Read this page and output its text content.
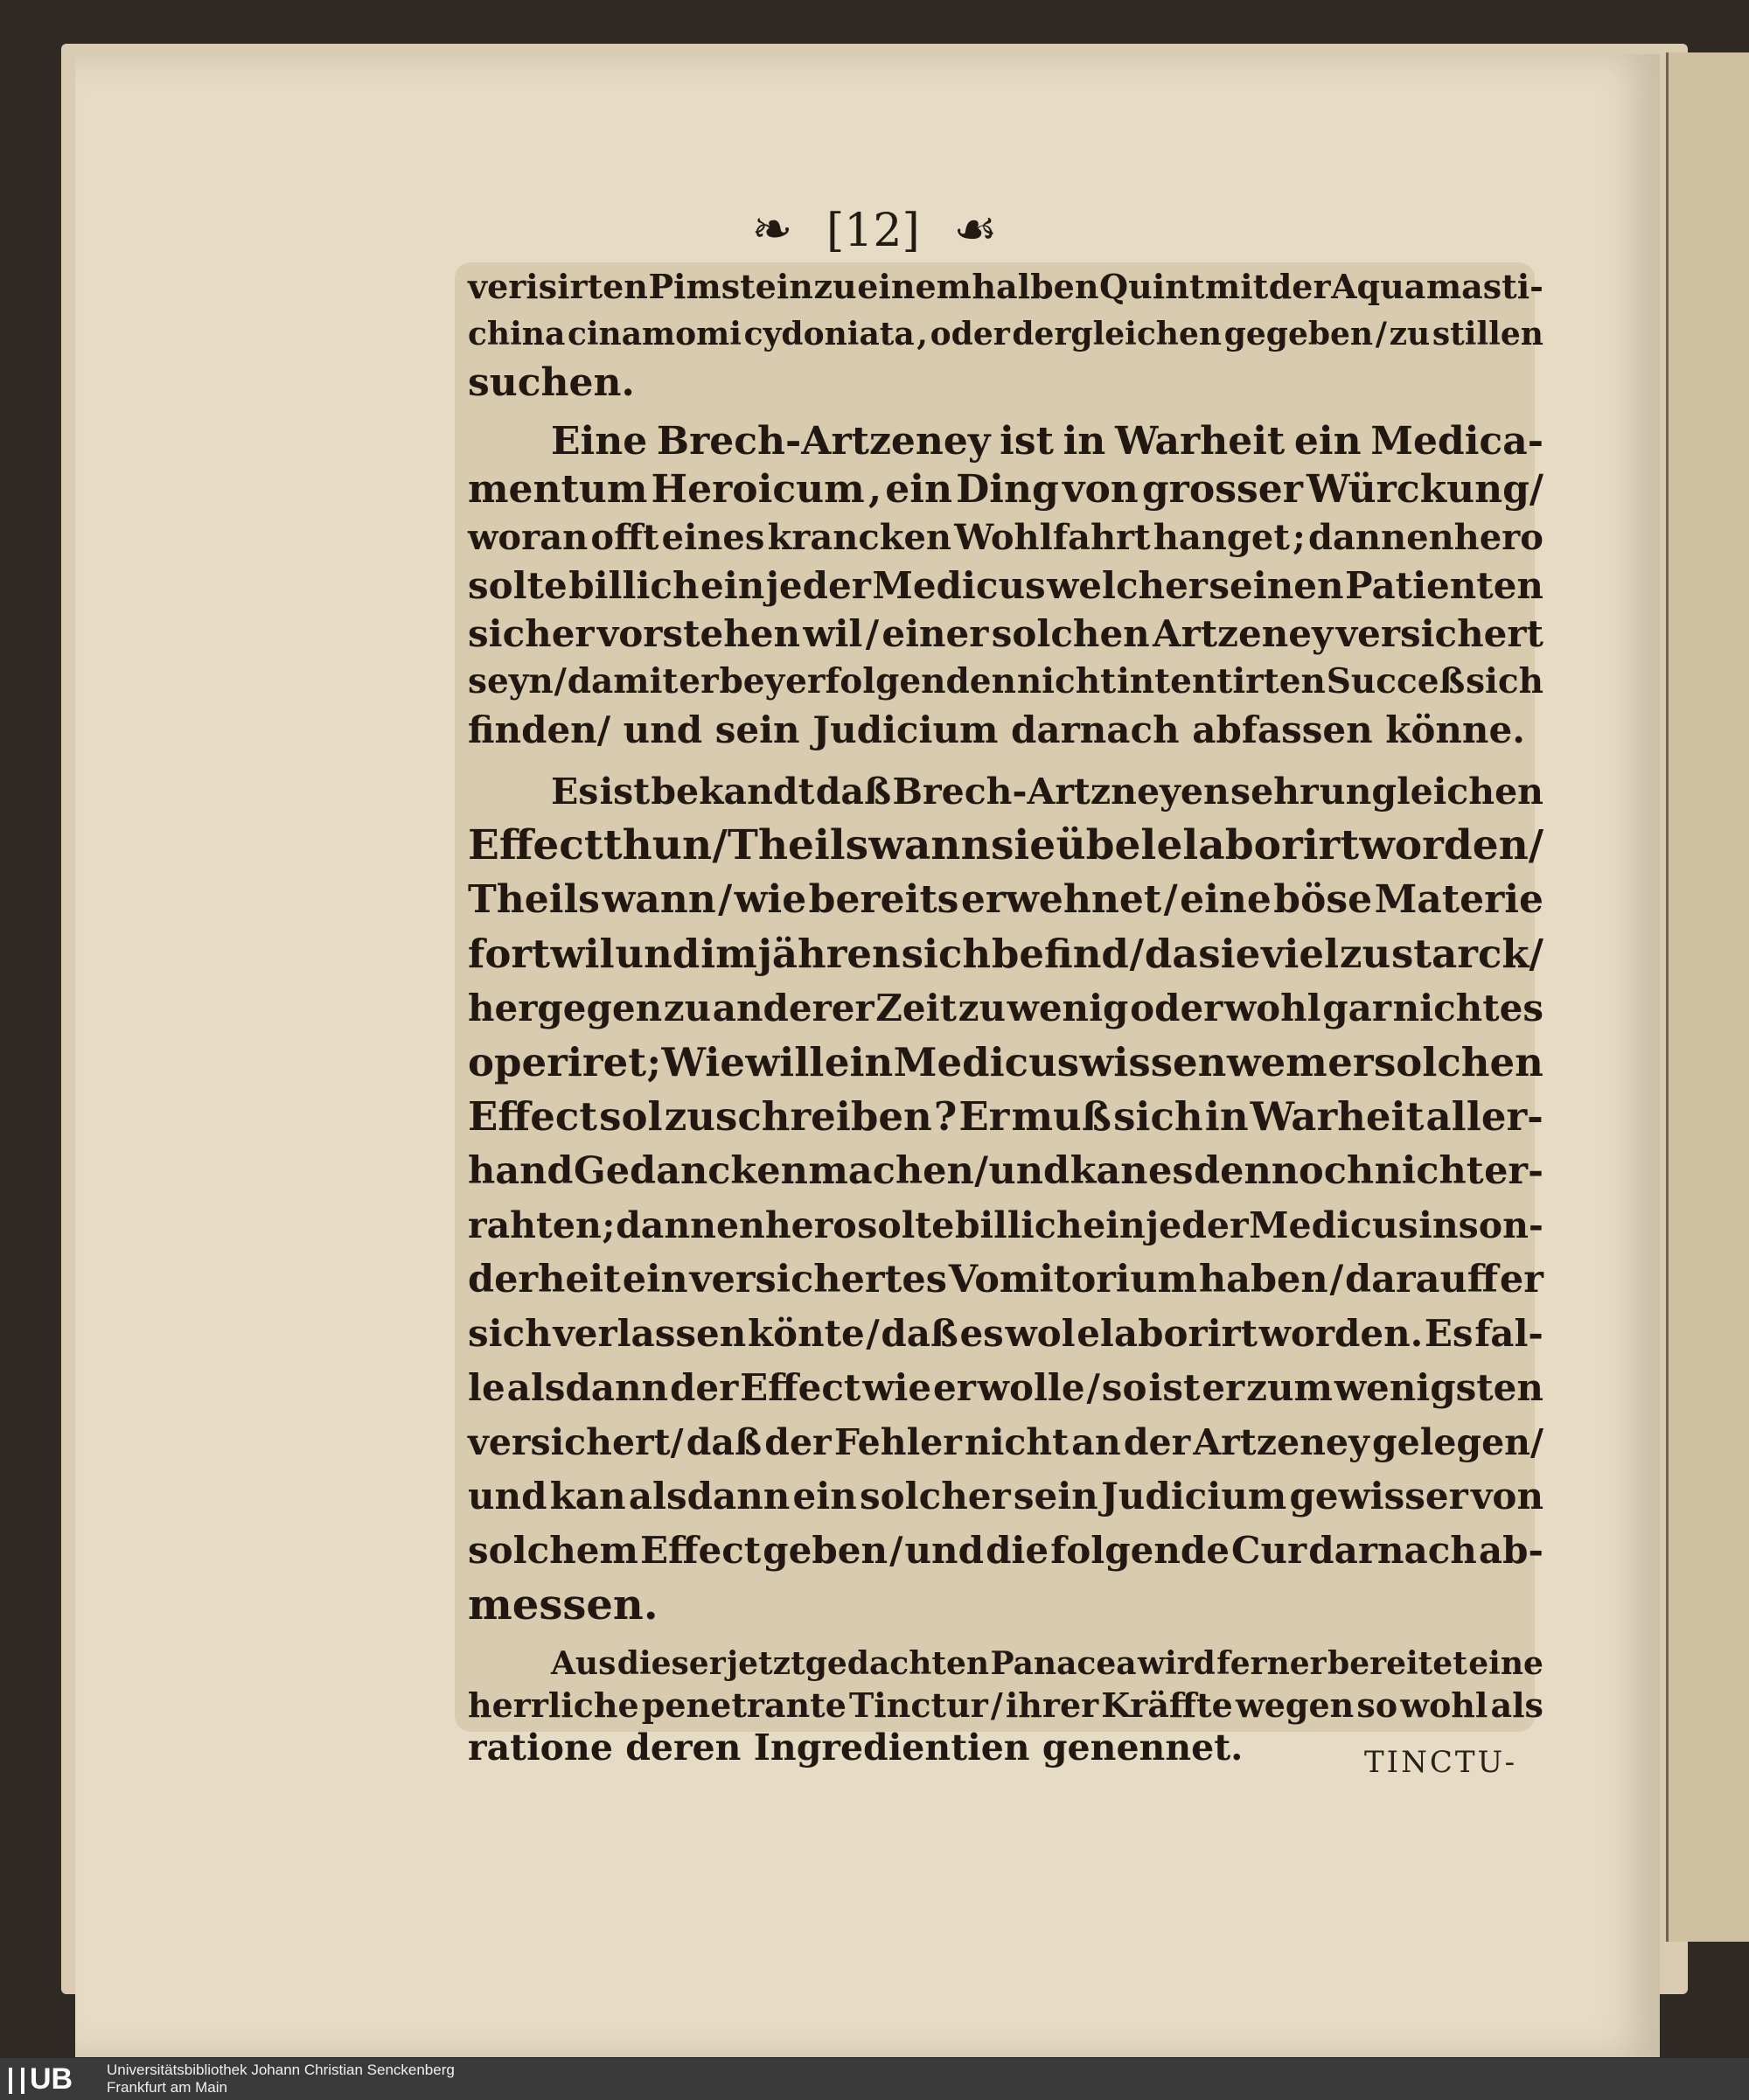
❧ [12] ☙
verisirten Pimstein zu einem halben Quint mit der Aqua masti-
china cinamomi cydoniata , oder dergleichen gegeben / zu stillen
suchen.
Eine Brech-Artzeney ist in Warheit ein Medica-
mentum Heroicum , ein Ding von grosser Würckung/
woran offt eines krancken Wohlfahrt hanget ; dannenhero
solte billich ein jeder Medicus welcher seinen Patienten
sicher vorstehen wil / einer solchen Artzeney versichert
seyn / damit er bey erfolgenden nicht intentirten Succeß sich
finden/ und sein Judicium darnach abfassen könne.
Es ist bekandt daß Brech-Artzneyen sehr ungleichen
Effect thun / Theils wann sie übel elaborirt worden/
Theils wann / wie bereits erwehnet / eine böse Materie
fort wil und im jähren sich befind / da sie viel zu starck/
hergegen zu anderer Zeit zu wenig oder wohl gar nichtes
operiret ; Wie will ein Medicus wissen wem er solchen
Effect sol zuschreiben ? Er muß sich in Warheit aller-
hand Gedancken machen / und kan es dennoch nicht er-
rahten ; dannenhero solte billich ein jeder Medicus inson-
derheit ein versichertes Vomitorium haben / darauff er
sich verlassen könte / daß es wol elaborirt worden. Es fal-
le alsdann der Effect wie er wolle / so ist er zum wenigsten
versichert/ daß der Fehler nicht an der Artzeney gelegen/
und kan alsdann ein solcher sein Judicium gewisser von
solchem Effect geben / und die folgende Cur darnach ab-
messen.
Aus dieser jetztgedachten Panacea wird ferner bereitet eine
herrliche penetrante Tinctur / ihrer Kräffte wegen so wohl als
ratione deren Ingredientien genennet.	TINCTU-
UB	Universitätsbibliothek Johann Christian Senckenberg
Frankfurt am Main
